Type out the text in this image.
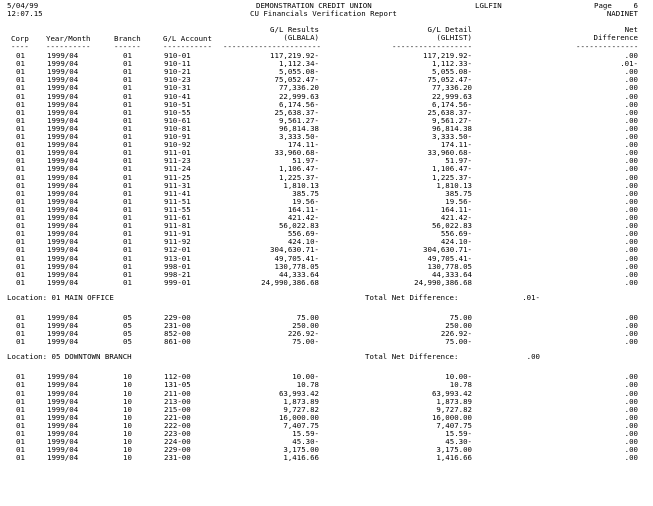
5/04/99
12:07.15
DEMONSTRATION CREDIT UNION
CU Financials Verification Report
LGLFIN	Page	6
NADINET
G/L Results
(GLBALA)
G/L Detail
(GLHIST)
Net
Difference
Corp Year/Month	Branch	G/L Account
---- ----------	------	----------- ----------------------	------------------	--------------
01	1999/04	01	910-01	117,219.92-	117,219.92-	.00
01	1999/04	01	910-11	1,112.34-	1,112.33-	.01-
01	1999/04	01	910-21	5,055.08-	5,055.08-	.00
01	1999/04	01	910-23	75,052.47-	75,052.47-	.00
01	1999/04	01	910-31	77,336.20	77,336.20	.00
01	1999/04	01	910-41	22,999.63	22,999.63	.00
01	1999/04	01	910-51	6,174.56-	6,174.56-	.00
01	1999/04	01	910-55	25,638.37-	25,638.37-	.00
01	1999/04	01	910-61	9,561.27-	9,561.27-	.00
01	1999/04	01	910-81	96,814.38	96,814.38	.00
01	1999/04	01	910-91	3,333.50-	3,333.50-	.00
01	1999/04	01	910-92	174.11-	174.11-	.00
01	1999/04	01	911-01	33,960.68-	33,960.68-	.00
01	1999/04	01	911-23	51.97-	51.97-	.00
01	1999/04	01	911-24	1,106.47-	1,106.47-	.00
01	1999/04	01	911-25	1,225.37-	1,225.37-	.00
01	1999/04	01	911-31	1,810.13	1,810.13	.00
01	1999/04	01	911-41	385.75	385.75	.00
01	1999/04	01	911-51	19.56-	19.56-	.00
01	1999/04	01	911-55	164.11-	164.11-	.00
01	1999/04	01	911-61	421.42-	421.42-	.00
01	1999/04	01	911-81	56,022.83	56,022.83	.00
01	1999/04	01	911-91	556.69-	556.69-	.00
01	1999/04	01	911-92	424.10-	424.10-	.00
01	1999/04	01	912-01	304,630.71-	304,630.71-	.00
01	1999/04	01	913-01	49,705.41-	49,705.41-	.00
01	1999/04	01	998-01	130,778.05	130,778.05	.00
01	1999/04	01	998-21	44,333.64	44,333.64	.00
01	1999/04	01	999-01	24,990,386.68	24,990,386.68	.00
Location: 01 MAIN OFFICE	Total Net Difference:	.01-
01	1999/04	05	229-00	75.00	75.00	.00
01	1999/04	05	231-00	250.00	250.00	.00
01	1999/04	05	852-00	226.92-	226.92-	.00
01	1999/04	05	861-00	75.00-	75.00-	.00
Location: 05 DOWNTOWN BRANCH	Total Net Difference:	.00
01	1999/04	10	112-00	10.00-	10.00-	.00
01	1999/04	10	131-05	10.78	10.78	.00
01	1999/04	10	211-00	63,993.42	63,993.42	.00
01	1999/04	10	213-00	1,873.89	1,873.89	.00
01	1999/04	10	215-00	9,727.82	9,727.82	.00
01	1999/04	10	221-00	16,000.00	16,000.00	.00
01	1999/04	10	222-00	7,407.75	7,407.75	.00
01	1999/04	10	223-00	15.59-	15.59-	.00
01	1999/04	10	224-00	45.30-	45.30-	.00
01	1999/04	10	229-00	3,175.00	3,175.00	.00
01	1999/04	10	231-00	1,416.66	1,416.66	.00
